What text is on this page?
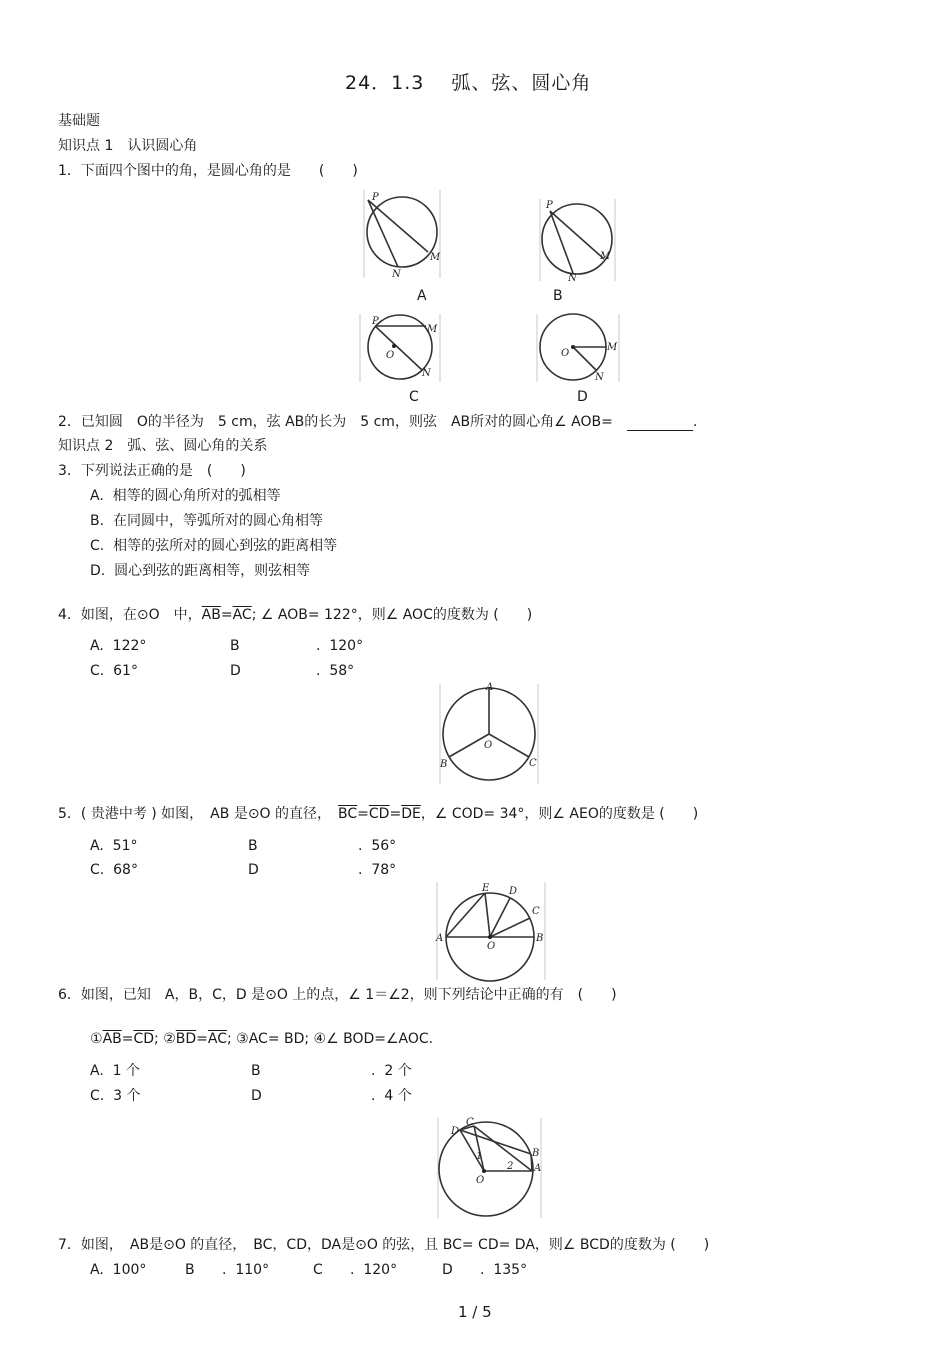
24．1.3　 弧、弦、圆心角
基础题
知识点 1　认识圆心角
1．下面四个图中的角，是圆心角的是　　(　　)
P
M
N
A
P
M
N
B
P
M
O
N
C
O
M
N
D
2．已知圆　O的半径为　5 cm，弦 AB的长为　5 cm，则弦　AB所对的圆心角∠ AOB=　	.
知识点 2　弧、弦、圆心角的关系
3．下列说法正确的是　(　　)
A.  相等的圆心角所对的弧相等
B.  在同圆中，等弧所对的圆心角相等
C.  相等的弦所对的圆心到弦的距离相等
D.  圆心到弦的距离相等，则弦相等
4．如图，在⊙O　中，$\overline{AB}=\overline{AC}$; ∠ AOB= 122°，则∠ AOC的度数为 (　　)
A.  122°	B	.  120°
C.  61°	D	.  58°
A
O
B	C
5．( 贵港中考 ) 如图，　AB 是⊙O 的直径，　$\overline{BC}=\overline{CD}=\overline{DE}$，∠ COD= 34°，则∠ AEO的度数是 (　　)
A.  51°	B	.  56°
C.  68°	D	.  78°
E D
C
A	B
O
6．如图，已知　A，B，C，D 是⊙O 上的点，∠ 1＝∠2，则下列结论中正确的有　(　　)
$①\overline{AB}=\overline{CD}$; $②\overline{BD}=\overline{AC}$; ③AC= BD; ④∠ BOD=∠AOC.
A.  1 个	B	.  2 个
C.  3 个	D	.  4 个
C
D
B
A
O
1
2
7．如图，　AB是⊙O 的直径，　BC，CD，DA是⊙O 的弦，且 BC= CD= DA，则∠ BCD的度数为 (　　)
A.  100°	B .  110°	C .  120°	D .  135°
1 / 5
